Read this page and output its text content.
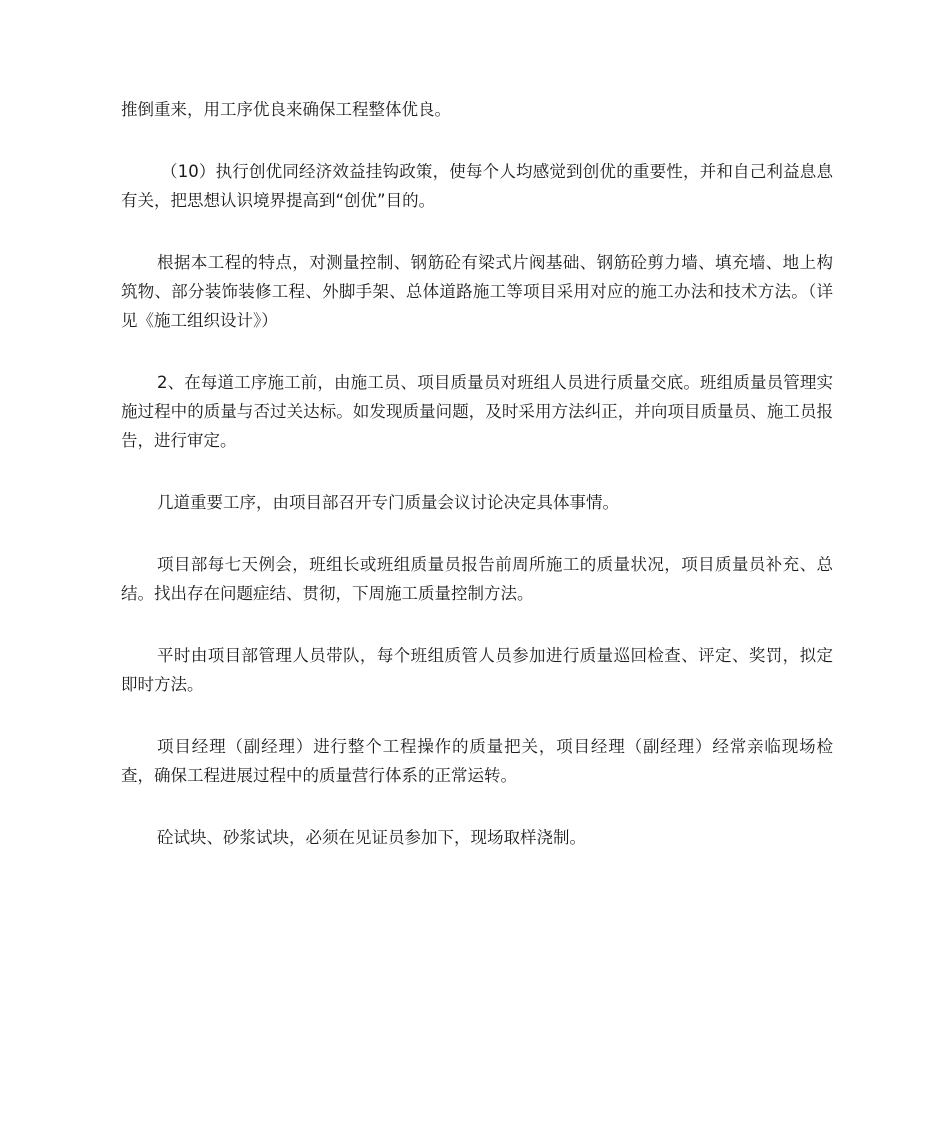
推倒重来，用工序优良来确保工程整体优良。

（10）执行创优同经济效益挂钩政策，使每个人均感觉到创优的重要性，并和自己利益息息有关，把思想认识境界提高到“创优”目的。

根据本工程的特点，对测量控制、钢筋砼有梁式片阀基础、钢筋砼剪力墙、填充墙、地上构筑物、部分装饰装修工程、外脚手架、总体道路施工等项目采用对应的施工办法和技术方法。（详见《施工组织设计》）

2、在每道工序施工前，由施工员、项目质量员对班组人员进行质量交底。班组质量员管理实施过程中的质量与否过关达标。如发现质量问题，及时采用方法纠正，并向项目质量员、施工员报告，进行审定。

几道重要工序，由项目部召开专门质量会议讨论决定具体事情。

项目部每七天例会，班组长或班组质量员报告前周所施工的质量状况，项目质量员补充、总结。找出存在问题症结、贯彻，下周施工质量控制方法。

平时由项目部管理人员带队，每个班组质管人员参加进行质量巡回检查、评定、奖罚，拟定即时方法。

项目经理（副经理）进行整个工程操作的质量把关，项目经理（副经理）经常亲临现场检查，确保工程进展过程中的质量营行体系的正常运转。

砼试块、砂浆试块，必须在见证员参加下，现场取样浇制。
